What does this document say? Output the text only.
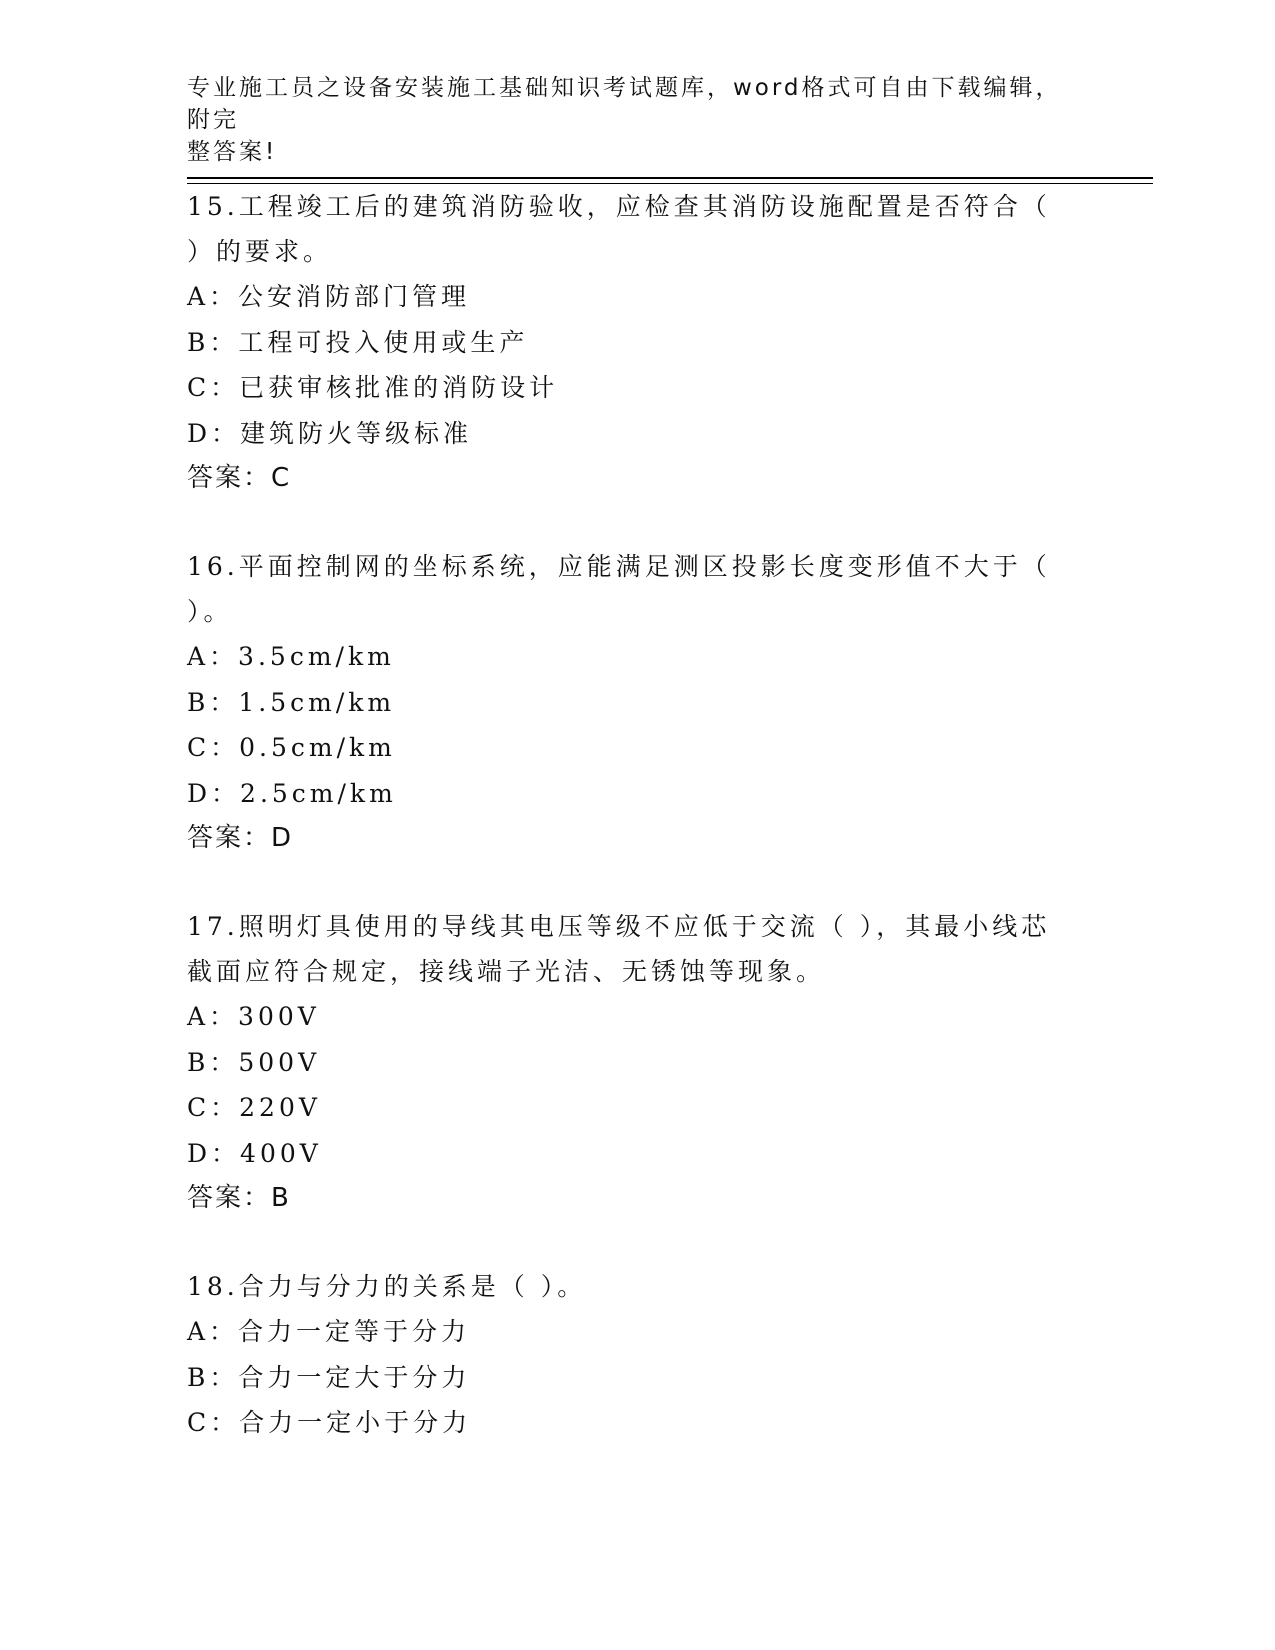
专业施工员之设备安装施工基础知识考试题库，word格式可自由下载编辑，附完
整答案!
15.工程竣工后的建筑消防验收，应检查其消防设施配置是否符合（
）的要求。
A：公安消防部门管理
B：工程可投入使用或生产
C：已获审核批准的消防设计
D：建筑防火等级标准
答案：C
16.平面控制网的坐标系统，应能满足测区投影长度变形值不大于（
）。
A：3.5cm/km
B：1.5cm/km
C：0.5cm/km
D：2.5cm/km
答案：D
17.照明灯具使用的导线其电压等级不应低于交流（ ），其最小线芯
截面应符合规定，接线端子光洁、无锈蚀等现象。
A：300V
B：500V
C：220V
D：400V
答案：B
18.合力与分力的关系是（ ）。
A：合力一定等于分力
B：合力一定大于分力
C：合力一定小于分力
